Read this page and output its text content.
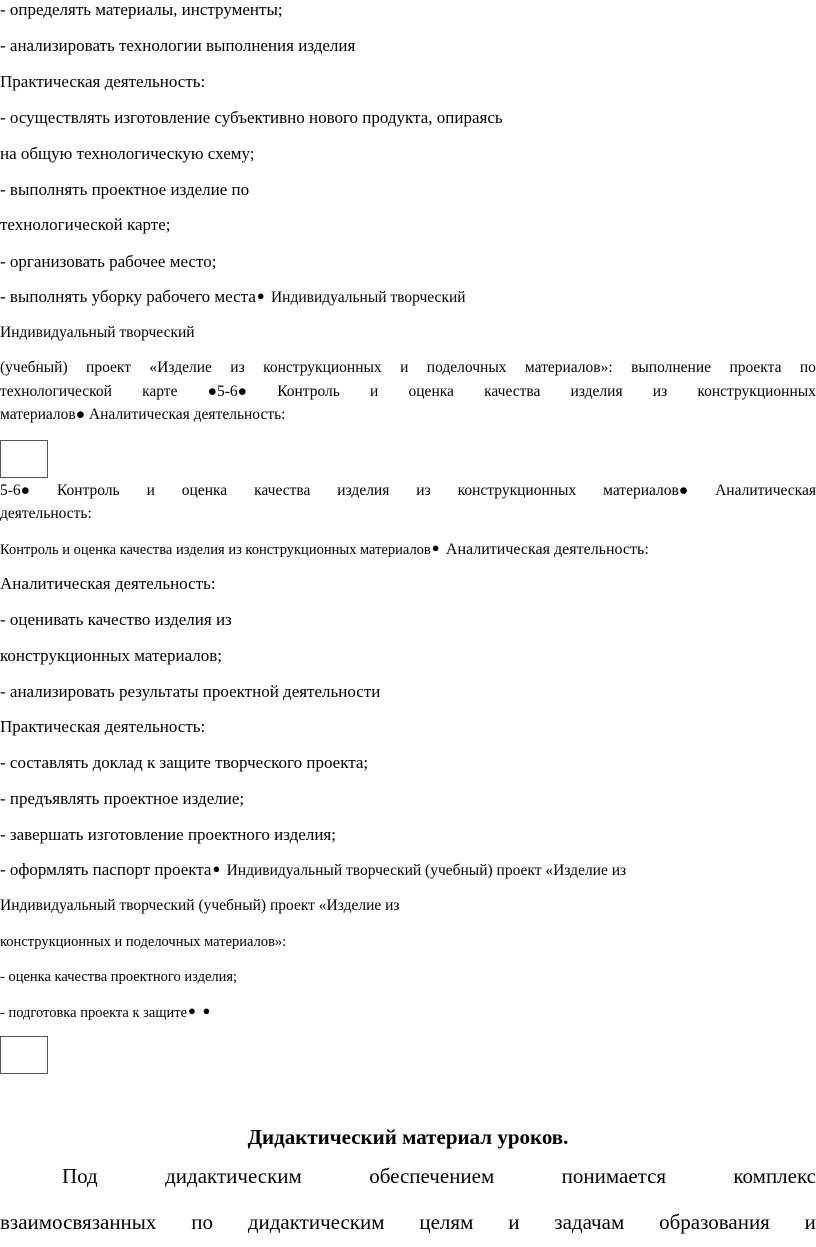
- определять материалы, инструменты;
- анализировать технологии выполнения изделия
Практическая деятельность:
- осуществлять изготовление субъективно нового продукта, опираясь
на общую технологическую схему;
- выполнять проектное изделие по
технологической карте;
- организовать рабочее место;
- выполнять уборку рабочего места● Индивидуальный творческий
Индивидуальный творческий
(учебный) проект «Изделие из конструкционных и поделочных материалов»: выполнение проекта по
технологической карте ●5-6● Контроль и оценка качества изделия из конструкционных
материалов● Аналитическая деятельность:
5-6● Контроль и оценка качества изделия из конструкционных материалов● Аналитическая
деятельность:
Контроль и оценка качества изделия из конструкционных материалов● Аналитическая деятельность:
Аналитическая деятельность:
- оценивать качество изделия из
конструкционных материалов;
- анализировать результаты проектной деятельности
Практическая деятельность:
- составлять доклад к защите творческого проекта;
- предъявлять проектное изделие;
- завершать изготовление проектного изделия;
- оформлять паспорт проекта● Индивидуальный творческий (учебный) проект «Изделие из
Индивидуальный творческий (учебный) проект «Изделие из
конструкционных и поделочных материалов»:
- оценка качества проектного изделия;
- подготовка проекта к защите● ●
Дидактический материал уроков.
Под	дидактическим	обеспечением	понимается	комплекс
взаимосвязанных по дидактическим целям и задачам образования и
